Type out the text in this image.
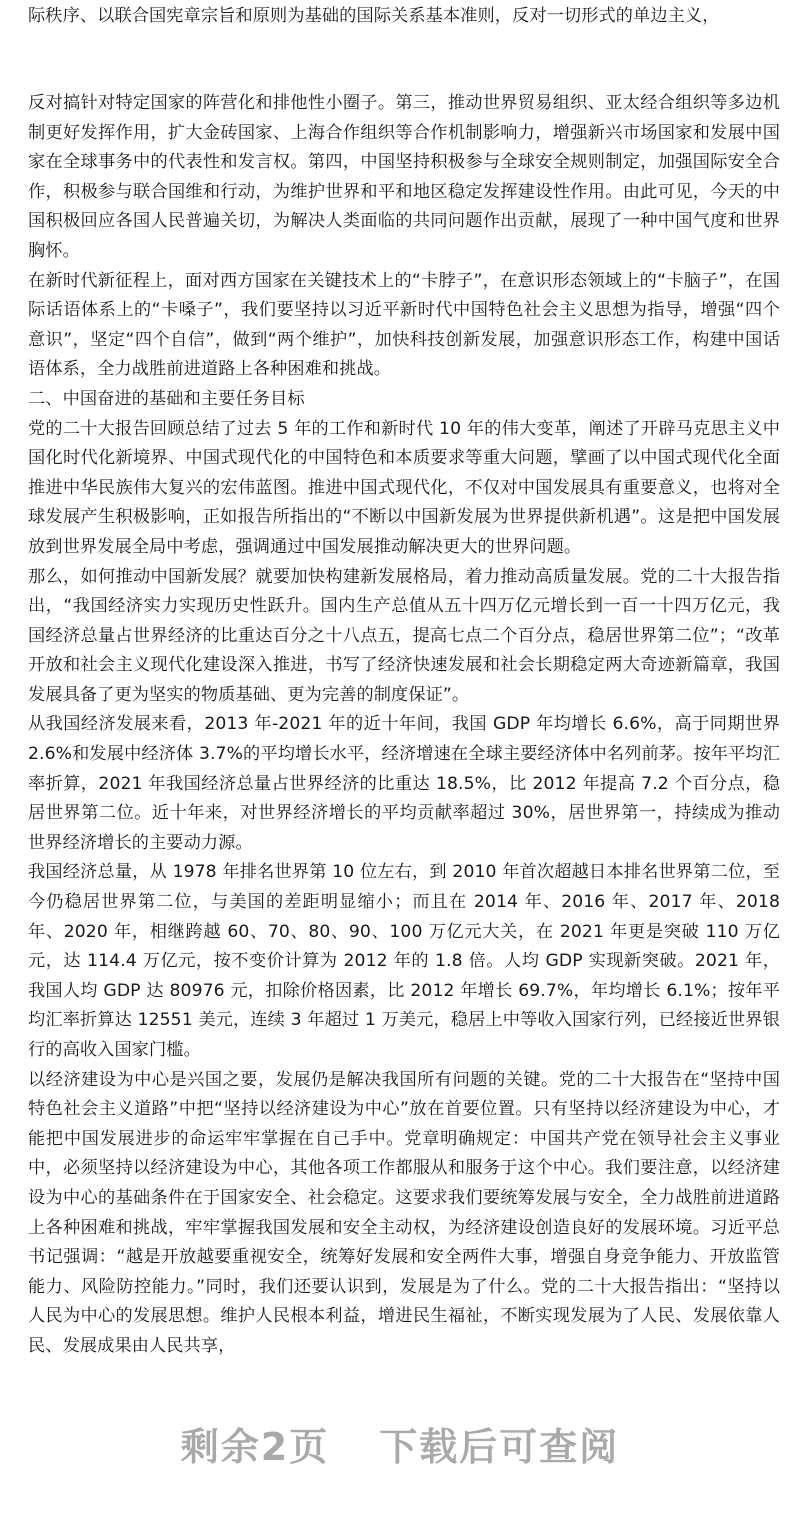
际秩序、以联合国宪章宗旨和原则为基础的国际关系基本准则，反对一切形式的单边主义，

反对搞针对特定国家的阵营化和排他性小圈子。第三，推动世界贸易组织、亚太经合组织等多边机制更好发挥作用，扩大金砖国家、上海合作组织等合作机制影响力，增强新兴市场国家和发展中国家在全球事务中的代表性和发言权。第四，中国坚持积极参与全球安全规则制定，加强国际安全合作，积极参与联合国维和行动，为维护世界和平和地区稳定发挥建设性作用。由此可见，今天的中国积极回应各国人民普遍关切，为解决人类面临的共同问题作出贡献，展现了一种中国气度和世界胸怀。

在新时代新征程上，面对西方国家在关键技术上的“卡脖子”，在意识形态领域上的“卡脑子”，在国际话语体系上的“卡嗓子”，我们要坚持以习近平新时代中国特色社会主义思想为指导，增强“四个意识”，坚定“四个自信”，做到“两个维护”，加快科技创新发展，加强意识形态工作，构建中国话语体系，全力战胜前进道路上各种困难和挑战。

二、中国奋进的基础和主要任务目标

党的二十大报告回顾总结了过去 5 年的工作和新时代 10 年的伟大变革，阐述了开辟马克思主义中国化时代化新境界、中国式现代化的中国特色和本质要求等重大问题，擘画了以中国式现代化全面推进中华民族伟大复兴的宏伟蓝图。推进中国式现代化，不仅对中国发展具有重要意义，也将对全球发展产生积极影响，正如报告所指出的“不断以中国新发展为世界提供新机遇”。这是把中国发展放到世界发展全局中考虑，强调通过中国发展推动解决更大的世界问题。

那么，如何推动中国新发展？就要加快构建新发展格局，着力推动高质量发展。党的二十大报告指出，“我国经济实力实现历史性跃升。国内生产总值从五十四万亿元增长到一百一十四万亿元，我国经济总量占世界经济的比重达百分之十八点五，提高七点二个百分点，稳居世界第二位”；“改革开放和社会主义现代化建设深入推进，书写了经济快速发展和社会长期稳定两大奇迹新篇章，我国发展具备了更为坚实的物质基础、更为完善的制度保证”。

从我国经济发展来看，2013 年-2021 年的近十年间，我国 GDP 年均增长 6.6%，高于同期世界 2.6%和发展中经济体 3.7%的平均增长水平，经济增速在全球主要经济体中名列前茅。按年平均汇率折算，2021 年我国经济总量占世界经济的比重达 18.5%，比 2012 年提高 7.2 个百分点，稳居世界第二位。近十年来，对世界经济增长的平均贡献率超过 30%，居世界第一，持续成为推动世界经济增长的主要动力源。

我国经济总量，从 1978 年排名世界第 10 位左右，到 2010 年首次超越日本排名世界第二位，至今仍稳居世界第二位，与美国的差距明显缩小；而且在 2014 年、2016 年、2017 年、2018 年、2020 年，相继跨越 60、70、80、90、100 万亿元大关，在 2021 年更是突破 110 万亿元，达 114.4 万亿元，按不变价计算为 2012 年的 1.8 倍。人均 GDP 实现新突破。2021 年，我国人均 GDP 达 80976 元，扣除价格因素，比 2012 年增长 69.7%，年均增长 6.1%；按年平均汇率折算达 12551 美元，连续 3 年超过 1 万美元，稳居上中等收入国家行列，已经接近世界银行的高收入国家门槛。

以经济建设为中心是兴国之要，发展仍是解决我国所有问题的关键。党的二十大报告在“坚持中国特色社会主义道路”中把“坚持以经济建设为中心”放在首要位置。只有坚持以经济建设为中心，才能把中国发展进步的命运牢牢掌握在自己手中。党章明确规定：中国共产党在领导社会主义事业中，必须坚持以经济建设为中心，其他各项工作都服从和服务于这个中心。我们要注意，以经济建设为中心的基础条件在于国家安全、社会稳定。这要求我们要统筹发展与安全，全力战胜前进道路上各种困难和挑战，牢牢掌握我国发展和安全主动权，为经济建设创造良好的发展环境。习近平总书记强调：“越是开放越要重视安全，统筹好发展和安全两件大事，增强自身竞争能力、开放监管能力、风险防控能力。”同时，我们还要认识到，发展是为了什么。党的二十大报告指出：“坚持以人民为中心的发展思想。维护人民根本利益，增进民生福祉，不断实现发展为了人民、发展依靠人民、发展成果由人民共享，

剩余2页 下载后可查阅
